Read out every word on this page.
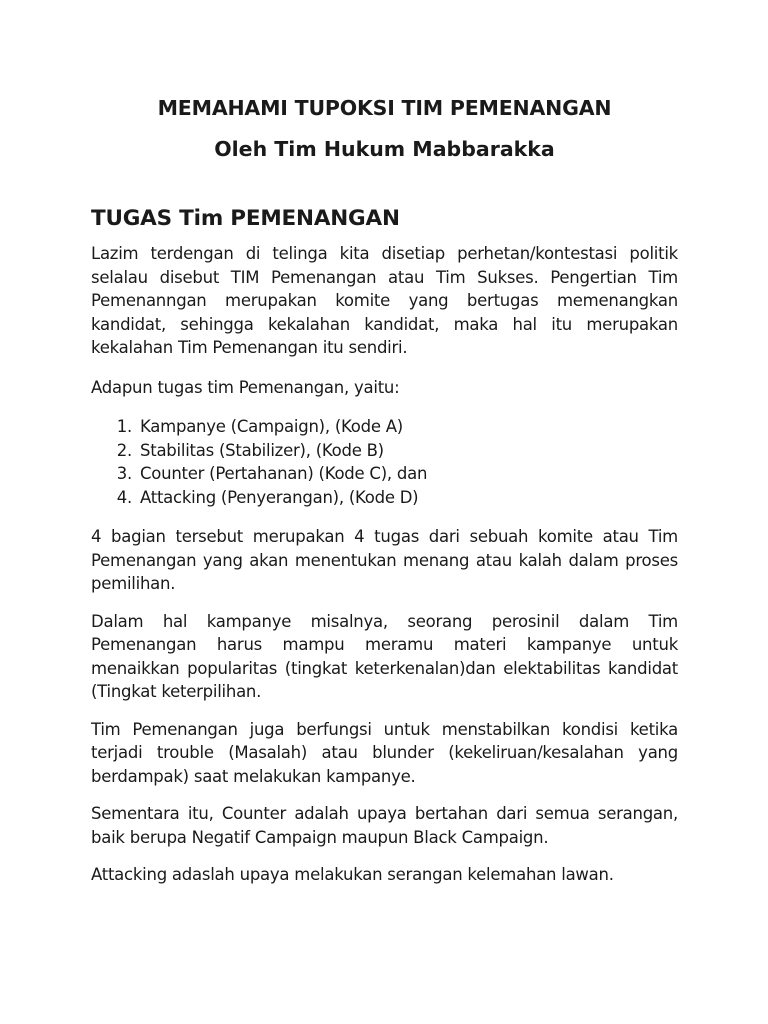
MEMAHAMI TUPOKSI TIM PEMENANGAN
Oleh Tim Hukum Mabbarakka
TUGAS Tim PEMENANGAN

Lazim terdengan di telinga kita disetiap perhetan/kontestasi politik selalau disebut TIM Pemenangan atau Tim Sukses. Pengertian Tim Pemenanngan merupakan komite yang bertugas memenangkan kandidat, sehingga kekalahan kandidat, maka hal itu merupakan kekalahan Tim Pemenangan itu sendiri.

Adapun tugas tim Pemenangan, yaitu:

1. Kampanye (Campaign), (Kode A)
2. Stabilitas (Stabilizer), (Kode B)
3. Counter (Pertahanan) (Kode C), dan
4. Attacking (Penyerangan), (Kode D)

4 bagian tersebut merupakan 4 tugas dari sebuah komite atau Tim Pemenangan yang akan menentukan menang atau kalah dalam proses pemilihan.

Dalam hal kampanye misalnya, seorang perosinil dalam Tim Pemenangan harus mampu meramu materi kampanye untuk menaikkan popularitas (tingkat keterkenalan)dan elektabilitas kandidat (Tingkat keterpilihan.

Tim Pemenangan juga berfungsi untuk menstabilkan kondisi ketika terjadi trouble (Masalah) atau blunder (kekeliruan/kesalahan yang berdampak) saat melakukan kampanye.

Sementara itu, Counter adalah upaya bertahan dari semua serangan, baik berupa Negatif Campaign maupun Black Campaign.

Attacking adaslah upaya melakukan serangan kelemahan lawan.
